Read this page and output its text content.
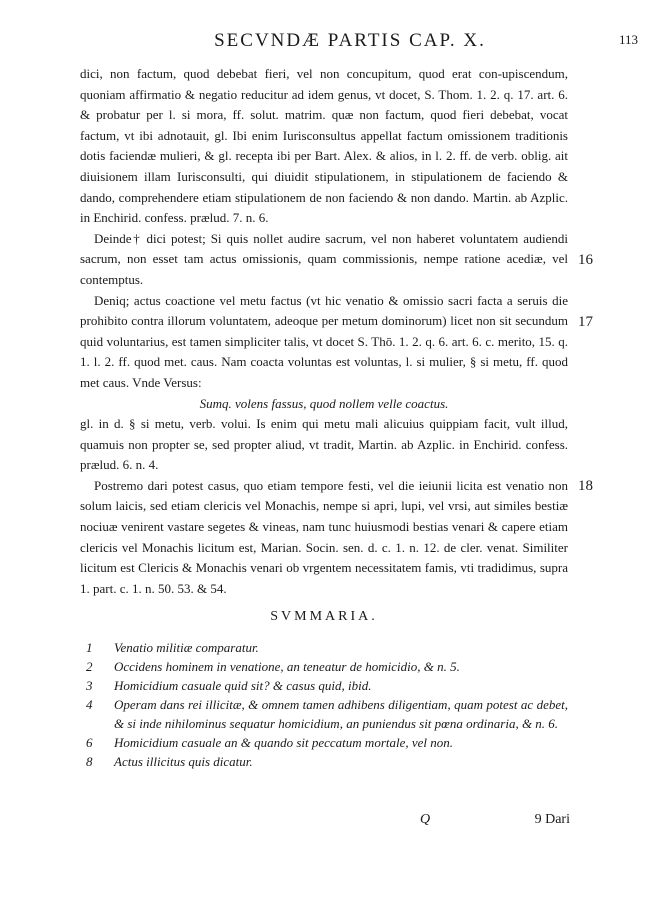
SECVNDÆ PARTIS CAP. X.	113
16
17
18

dici, non factum, quod debebat fieri, vel non concupitum, quod erat con-upiscendum, quoniam affirmatio & negatio reducitur ad idem genus, vt docet, S. Thom. 1. 2. q. 17. art. 6. & probatur per l. si mora, ff. solut. matrim. quæ non factum, quod fieri debebat, vocat factum, vt ibi adnotauit, gl. Ibi enim Iurisconsultus appellat factum omissionem traditionis dotis faciendæ mulieri, & gl. recepta ibi per Bart. Alex. & alios, in l. 2. ff. de verb. oblig. ait diuisionem illam Iurisconsulti, qui diuidit stipulationem, in stipulationem de faciendo & dando, comprehendere etiam stipulationem de non faciendo & non dando. Martin. ab Azplic. in Enchirid. confess. prælud. 7. n. 6.

Deinde† dici potest; Si quis nollet audire sacrum, vel non haberet voluntatem audiendi sacrum, non esset tam actus omissionis, quam commissionis, nempe ratione acediæ, vel contemptus.

Deniq; actus coactione vel metu factus (vt hic venatio & omissio sacri facta a seruis die prohibito contra illorum voluntatem, adeoque per metum dominorum) licet non sit secundum quid voluntarius, est tamen simpliciter talis, vt docet S. Thō. 1. 2. q. 6. art. 6. c. merito, 15. q. 1. l. 2. ff. quod met. caus. Nam coacta voluntas est voluntas, l. si mulier, § si metu, ff. quod met caus. Vnde Versus:

Sumq. volens fassus, quod nollem velle coactus.

gl. in d. § si metu, verb. volui. Is enim qui metu mali alicuius quippiam facit, vult illud, quamuis non propter se, sed propter aliud, vt tradit, Martin. ab Azplic. in Enchirid. confess. prælud. 6. n. 4.

Postremo dari potest casus, quo etiam tempore festi, vel die ieiunii licita est venatio non solum laicis, sed etiam clericis vel Monachis, nempe si apri, lupi, vel vrsi, aut similes bestiæ nociuæ venirent vastare segetes & vineas, nam tunc huiusmodi bestias venari & capere etiam clericis vel Monachis licitum est, Marian. Socin. sen. d. c. 1. n. 12. de cler. venat. Similiter licitum est Clericis & Monachis venari ob vrgentem necessitatem famis, vti tradidimus, supra 1. part. c. 1. n. 50. 53. & 54.

SVMMARIA.
1 Venatio militiæ comparatur.
2 Occidens hominem in venatione, an teneatur de homicidio, & n. 5.
3 Homicidium casuale quid sit? & casus quid, ibid.
4 Operam dans rei illicitæ, & omnem tamen adhibens diligentiam, quam potest ac debet, & si inde nihilominus sequatur homicidium, an puniendus sit pœna ordinaria, & n. 6.
6 Homicidium casuale an & quando sit peccatum mortale, vel non.
8 Actus illicitus quis dicatur.
Q	9 Dari
